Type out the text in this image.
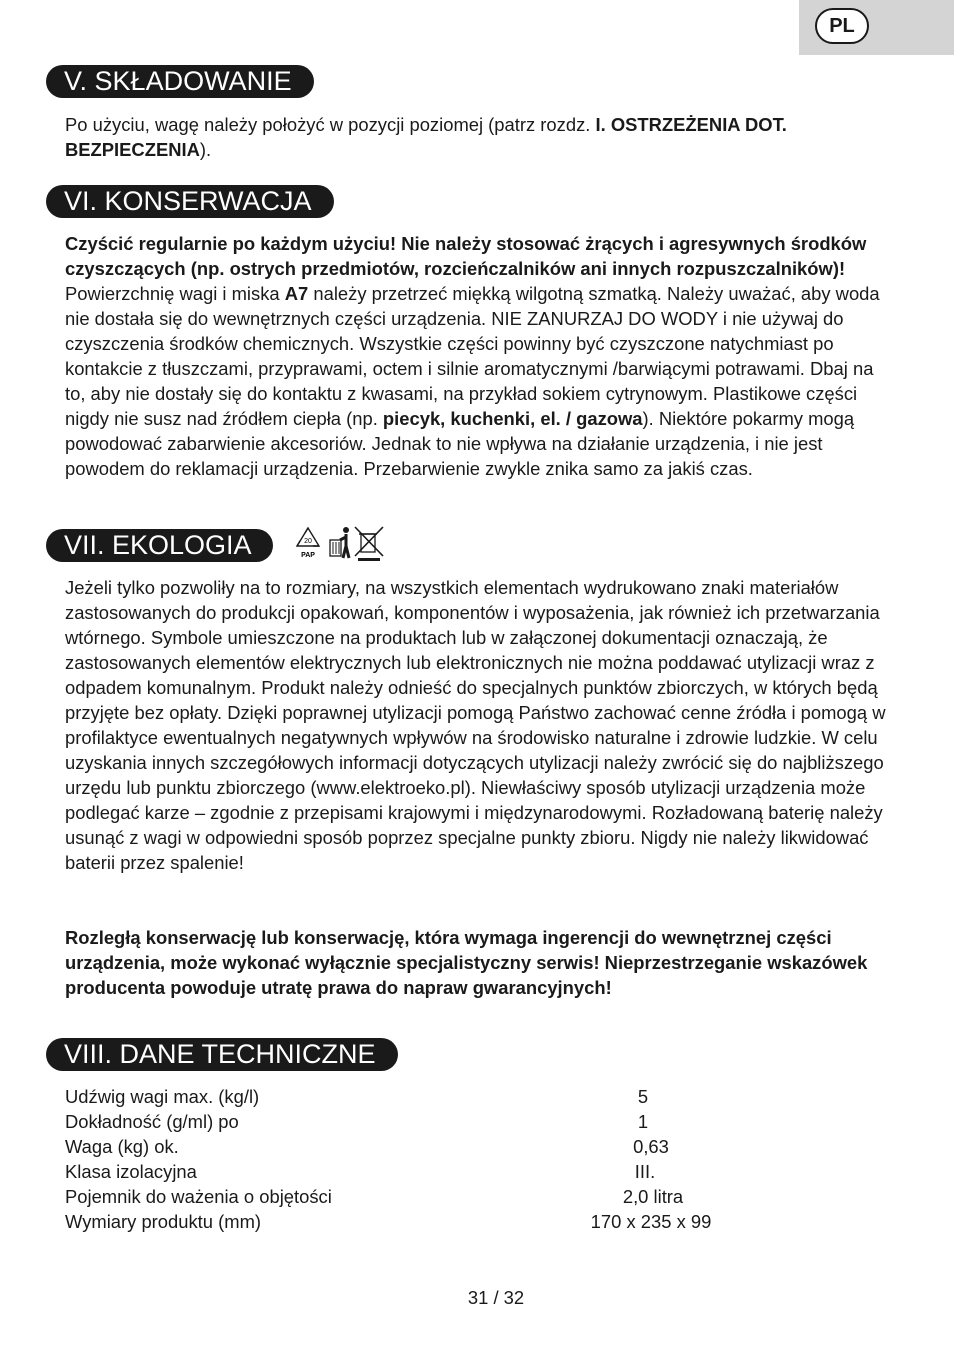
PL
V. SKŁADOWANIE

Po użyciu, wagę należy położyć w pozycji poziomej (patrz rozdz. I. OSTRZEŻENIA DOT. BEZPIECZENIA).

VI. KONSERWACJA

Czyścić regularnie po każdym użyciu! Nie należy stosować żrących i agresywnych środków czyszczących (np. ostrych przedmiotów, rozcieńczalników ani innych rozpuszczalników)! Powierzchnię wagi i miska A7 należy przetrzeć miękką wilgotną szmatką. Należy uważać, aby woda nie dostała się do wewnętrznych części urządzenia. NIE ZANURZAJ DO WODY i nie używaj do czyszczenia środków chemicznych. Wszystkie części powinny być czyszczone natychmiast po kontakcie z tłuszczami, przyprawami, octem i silnie aromatycznymi /barwiącymi potrawami. Dbaj na to, aby nie dostały się do kontaktu z kwasami, na przykład sokiem cytrynowym. Plastikowe części nigdy nie susz nad źródłem ciepła (np. piecyk, kuchenki, el. / gazowa). Niektóre pokarmy mogą powodować zabarwienie akcesoriów. Jednak to nie wpływa na działanie urządzenia, i nie jest powodem do reklamacji urządzenia. Przebarwienie zwykle znika samo za jakiś czas.

VII. EKOLOGIA	20
PAP

Jeżeli tylko pozwoliły na to rozmiary, na wszystkich elementach wydrukowano znaki materiałów zastosowanych do produkcji opakowań, komponentów i wyposażenia, jak również ich przetwarzania wtórnego. Symbole umieszczone na produktach lub w załączonej dokumentacji oznaczają, że zastosowanych elementów elektrycznych lub elektronicznych nie można poddawać utylizacji wraz z odpadem komunalnym. Produkt należy odnieść do specjalnych punktów zbiorczych, w których będą przyjęte bez opłaty. Dzięki poprawnej utylizacji pomogą Państwo zachować cenne źródła i pomogą w profilaktyce ewentualnych negatywnych wpływów na środowisko naturalne i zdrowie ludzkie. W celu uzyskania innych szczegółowych informacji dotyczących utylizacji należy zwrócić się do najbliższego urzędu lub punktu zbiorczego (www.elektroeko.pl). Niewłaściwy sposób utylizacji urządzenia może podlegać karze – zgodnie z przepisami krajowymi i międzynarodowymi. Rozładowaną baterię należy usunąć z wagi w odpowiedni sposób poprzez specjalne punkty zbioru. Nigdy nie należy likwidować baterii przez spalenie!

Rozległą konserwację lub konserwację, która wymaga ingerencji do wewnętrznej części urządzenia, może wykonać wyłącznie specjalistyczny serwis! Nieprzestrzeganie wskazówek producenta powoduje utratę prawa do napraw gwarancyjnych!

VIII. DANE TECHNICZNE
Udźwig wagi max. (kg/l)	5
Dokładność (g/ml) po	1
Waga (kg) ok.	0,63
Klasa izolacyjna	III.
Pojemnik do ważenia o objętości	2,0 litra
Wymiary produktu (mm)	170 x 235 x 99
31 / 32
